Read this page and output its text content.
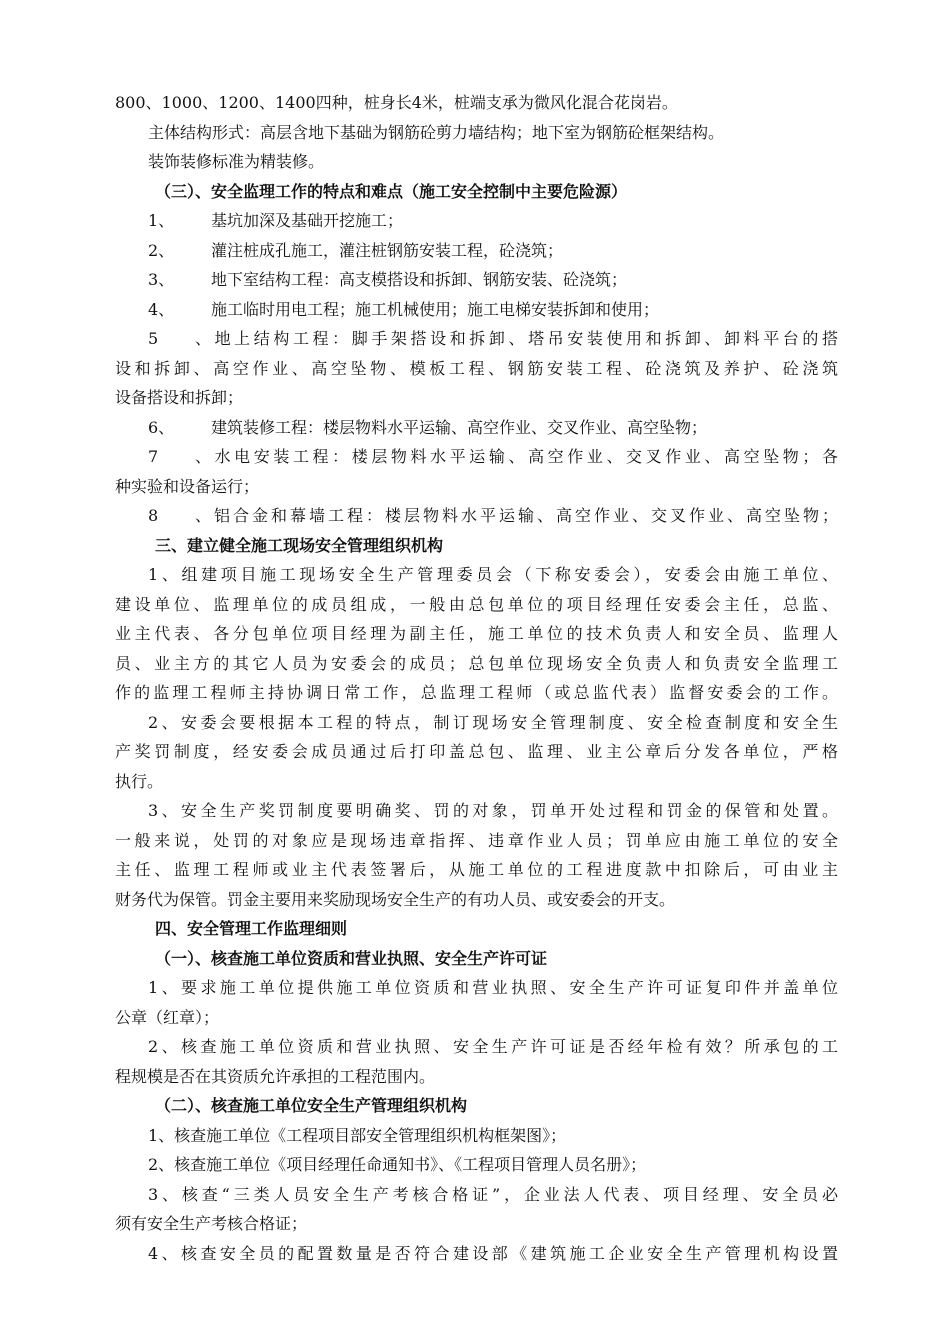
800、1000、1200、1400四种，桩身长4米，桩端支承为微风化混合花岗岩。
主体结构形式：高层含地下基础为钢筋砼剪力墙结构；地下室为钢筋砼框架结构。
装饰装修标准为精装修。
（三）、安全监理工作的特点和难点（施工安全控制中主要危险源）
1、 基坑加深及基础开挖施工；
2、 灌注桩成孔施工，灌注桩钢筋安装工程，砼浇筑；
3、 地下室结构工程：高支模搭设和拆卸、钢筋安装、砼浇筑；
4、 施工临时用电工程；施工机械使用；施工电梯安装拆卸和使用；
5、地上结构工程：脚手架搭设和拆卸、塔吊安装使用和拆卸、卸料平台的搭
设和拆卸、高空作业、高空坠物、模板工程、钢筋安装工程、砼浇筑及养护、砼浇筑
设备搭设和拆卸；
6、 建筑装修工程：楼层物料水平运输、高空作业、交叉作业、高空坠物；
7、水电安装工程：楼层物料水平运输、高空作业、交叉作业、高空坠物；各
种实验和设备运行；
8、铝合金和幕墙工程：楼层物料水平运输、高空作业、交叉作业、高空坠物；
三、建立健全施工现场安全管理组织机构
1、组建项目施工现场安全生产管理委员会（下称安委会），安委会由施工单位、
建设单位、监理单位的成员组成，一般由总包单位的项目经理任安委会主任，总监、
业主代表、各分包单位项目经理为副主任，施工单位的技术负责人和安全员、监理人
员、业主方的其它人员为安委会的成员；总包单位现场安全负责人和负责安全监理工
作的监理工程师主持协调日常工作，总监理工程师（或总监代表）监督安委会的工作。
2、安委会要根据本工程的特点，制订现场安全管理制度、安全检查制度和安全生
产奖罚制度，经安委会成员通过后打印盖总包、监理、业主公章后分发各单位，严格
执行。
3、安全生产奖罚制度要明确奖、罚的对象，罚单开处过程和罚金的保管和处置。
一般来说，处罚的对象应是现场违章指挥、违章作业人员；罚单应由施工单位的安全
主任、监理工程师或业主代表签署后，从施工单位的工程进度款中扣除后，可由业主
财务代为保管。罚金主要用来奖励现场安全生产的有功人员、或安委会的开支。
四、安全管理工作监理细则
（一）、核查施工单位资质和营业执照、安全生产许可证
1、要求施工单位提供施工单位资质和营业执照、安全生产许可证复印件并盖单位
公章（红章）；
2、核查施工单位资质和营业执照、安全生产许可证是否经年检有效？所承包的工
程规模是否在其资质允许承担的工程范围内。
（二）、核查施工单位安全生产管理组织机构
1、核查施工单位《工程项目部安全管理组织机构框架图》；
2、核查施工单位《项目经理任命通知书》、《工程项目管理人员名册》；
3、核查“三类人员安全生产考核合格证”，企业法人代表、项目经理、安全员必
须有安全生产考核合格证；
4、核查安全员的配置数量是否符合建设部《建筑施工企业安全生产管理机构设置
